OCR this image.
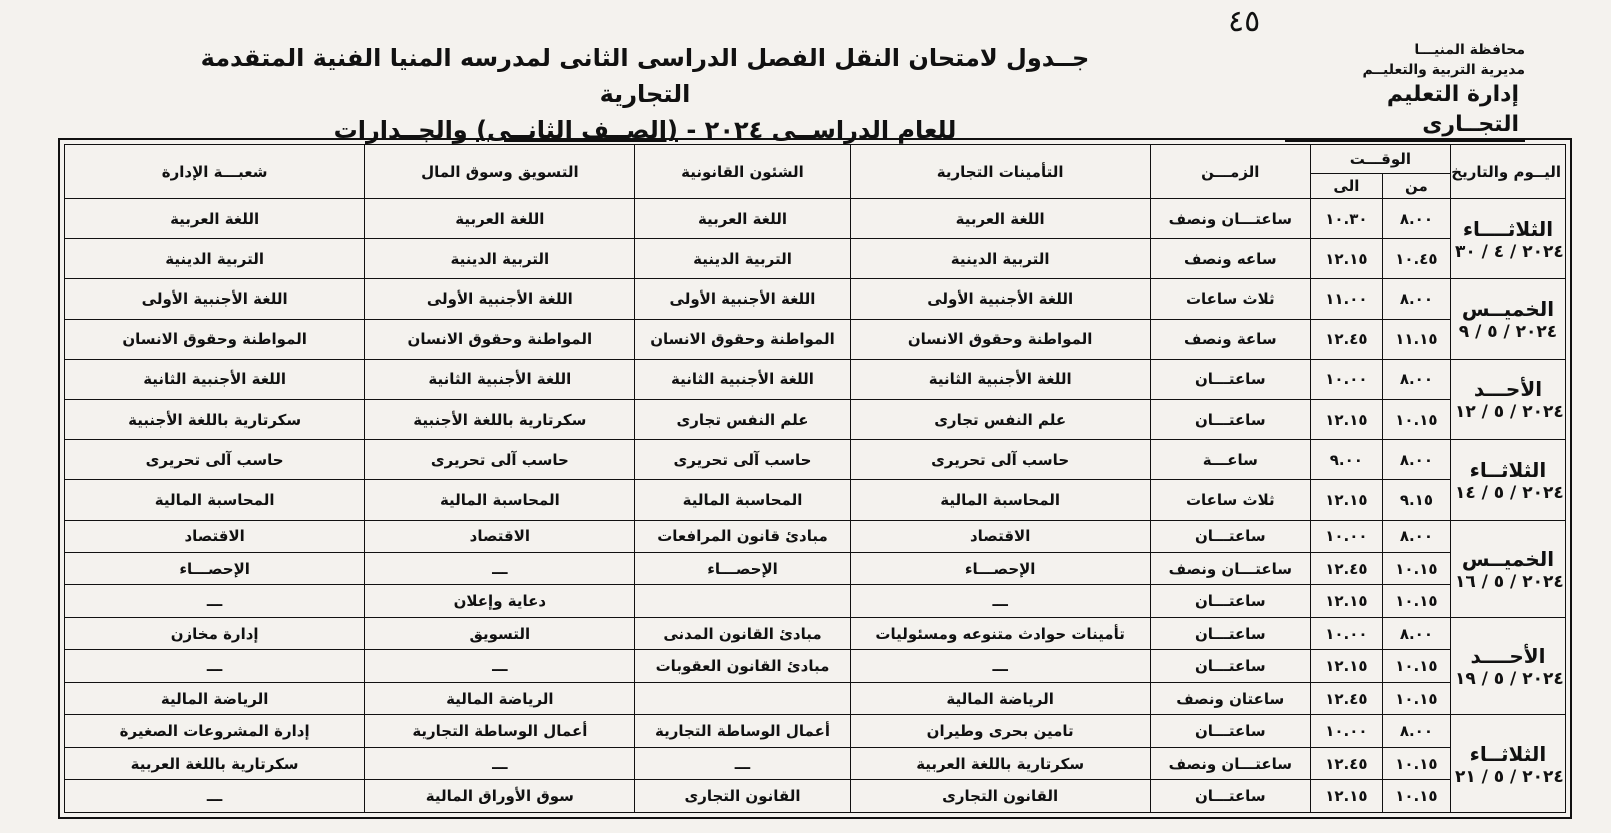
٤٥
محافظة المنيـــا
مديرية التربية والتعليــم
إدارة التعليم التجــارى
جــدول لامتحان النقل الفصل الدراسى الثانى لمدرسه المنيا الفنية المتقدمة التجارية
للعام الدراســى ٢٠٢٤ - (الصــف الثانــى) والجــدارات
اليــوم والتاريخ	الوقـــت		الزمـــن	التأمينات التجارية	الشئون القانونية	التسويق وسوق المال	شعبـــة الإدارة
	من	الى					

الثلاثــــاء
٢٠٢٤ / ٤ / ٣٠	٨.٠٠	١٠.٣٠	ساعتـــان ونصف	اللغة العربية	اللغة العربية	اللغة العربية	اللغة العربية
	١٠.٤٥	١٢.١٥	ساعه ونصف	التربية الدينية	التربية الدينية	التربية الدينية	التربية الدينية

الخميــس
٢٠٢٤ / ٥ / ٩	٨.٠٠	١١.٠٠	ثلاث ساعات	اللغة الأجنبية الأولى	اللغة الأجنبية الأولى	اللغة الأجنبية الأولى	اللغة الأجنبية الأولى
	١١.١٥	١٢.٤٥	ساعة ونصف	المواطنة وحقوق الانسان	المواطنة وحقوق الانسان	المواطنة وحقوق الانسان	المواطنة وحقوق الانسان

الأحـــد
٢٠٢٤ / ٥ / ١٢	٨.٠٠	١٠.٠٠	ساعتـــان	اللغة الأجنبية الثانية	اللغة الأجنبية الثانية	اللغة الأجنبية الثانية	اللغة الأجنبية الثانية
	١٠.١٥	١٢.١٥	ساعتـــان	علم النفس تجارى	علم النفس تجارى	سكرتارية باللغة الأجنبية	سكرتارية باللغة الأجنبية

الثلاثــاء
٢٠٢٤ / ٥ / ١٤	٨.٠٠	٩.٠٠	ساعـــة	حاسب آلى تحريرى	حاسب آلى تحريرى	حاسب آلى تحريرى	حاسب آلى تحريرى
	٩.١٥	١٢.١٥	ثلاث ساعات	المحاسبة المالية	المحاسبة المالية	المحاسبة المالية	المحاسبة المالية

الخميــس
٢٠٢٤ / ٥ / ١٦	٨.٠٠	١٠.٠٠	ساعتـــان	الاقتصاد	مبادئ قانون المرافعات	الاقتصاد	الاقتصاد
	١٠.١٥	١٢.٤٥	ساعتـــان ونصف	الإحصـــاء	الإحصـــاء	ـــ	الإحصـــاء
	١٠.١٥	١٢.١٥	ساعتـــان	ـــ		دعاية وإعلان	ـــ

الأحــــد
٢٠٢٤ / ٥ / ١٩	٨.٠٠	١٠.٠٠	ساعتـــان	تأمينات حوادث متنوعه ومسئوليات	مبادئ القانون المدنى	التسويق	إدارة مخازن
	١٠.١٥	١٢.١٥	ساعتـــان	ـــ	مبادئ القانون العقوبات	ـــ	ـــ
	١٠.١٥	١٢.٤٥	ساعتان ونصف	الرياضة المالية		الرياضة المالية	الرياضة المالية

الثلاثــاء
٢٠٢٤ / ٥ / ٢١	٨.٠٠	١٠.٠٠	ساعتـــان	تامين بحرى وطيران	أعمال الوساطة التجارية	أعمال الوساطة التجارية	إدارة المشروعات الصغيرة
	١٠.١٥	١٢.٤٥	ساعتـــان ونصف	سكرتارية باللغة العربية	ـــ	ـــ	سكرتارية باللغة العربية
	١٠.١٥	١٢.١٥	ساعتـــان	القانون التجارى	القانون التجارى	سوق الأوراق المالية	ـــ
